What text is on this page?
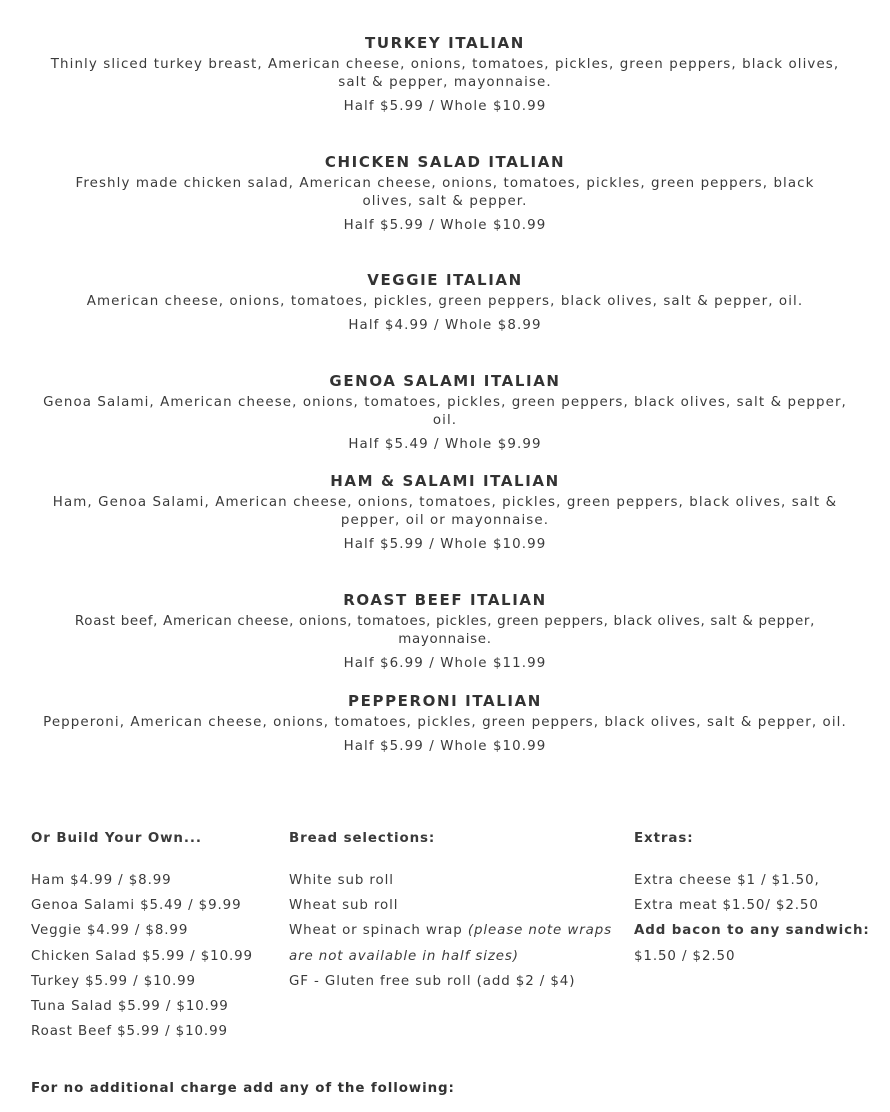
TURKEY ITALIAN
Thinly sliced turkey breast, American cheese, onions, tomatoes, pickles, green peppers, black olives, salt & pepper, mayonnaise.
Half $5.99 / Whole $10.99
CHICKEN SALAD ITALIAN
Freshly made chicken salad, American cheese, onions, tomatoes, pickles, green peppers, black olives, salt & pepper.
Half $5.99 / Whole $10.99
VEGGIE ITALIAN
American cheese, onions, tomatoes, pickles, green peppers, black olives, salt & pepper, oil.
Half $4.99 / Whole $8.99
GENOA SALAMI ITALIAN
Genoa Salami, American cheese, onions, tomatoes, pickles, green peppers, black olives, salt & pepper, oil.
Half $5.49 / Whole $9.99
HAM & SALAMI ITALIAN
Ham, Genoa Salami, American cheese, onions, tomatoes, pickles, green peppers, black olives, salt & pepper, oil or mayonnaise.
Half $5.99 / Whole $10.99
ROAST BEEF ITALIAN
Roast beef, American cheese, onions, tomatoes, pickles, green peppers, black olives, salt & pepper, mayonnaise.
Half $6.99 / Whole $11.99
PEPPERONI ITALIAN
Pepperoni, American cheese, onions, tomatoes, pickles, green peppers, black olives, salt & pepper, oil.
Half $5.99 / Whole $10.99
Or Build Your Own...
Ham $4.99 / $8.99
Genoa Salami $5.49 / $9.99
Veggie $4.99 / $8.99
Chicken Salad $5.99 / $10.99
Turkey $5.99 / $10.99
Tuna Salad $5.99 / $10.99
Roast Beef $5.99 / $10.99
Bread selections:
White sub roll
Wheat sub roll
Wheat or spinach wrap (please note wraps
are not available in half sizes)
GF - Gluten free sub roll (add $2 / $4)
Extras:
Extra cheese $1 / $1.50,
Extra meat $1.50/ $2.50
Add bacon to any sandwich:
$1.50 / $2.50
For no additional charge add any of the following:
